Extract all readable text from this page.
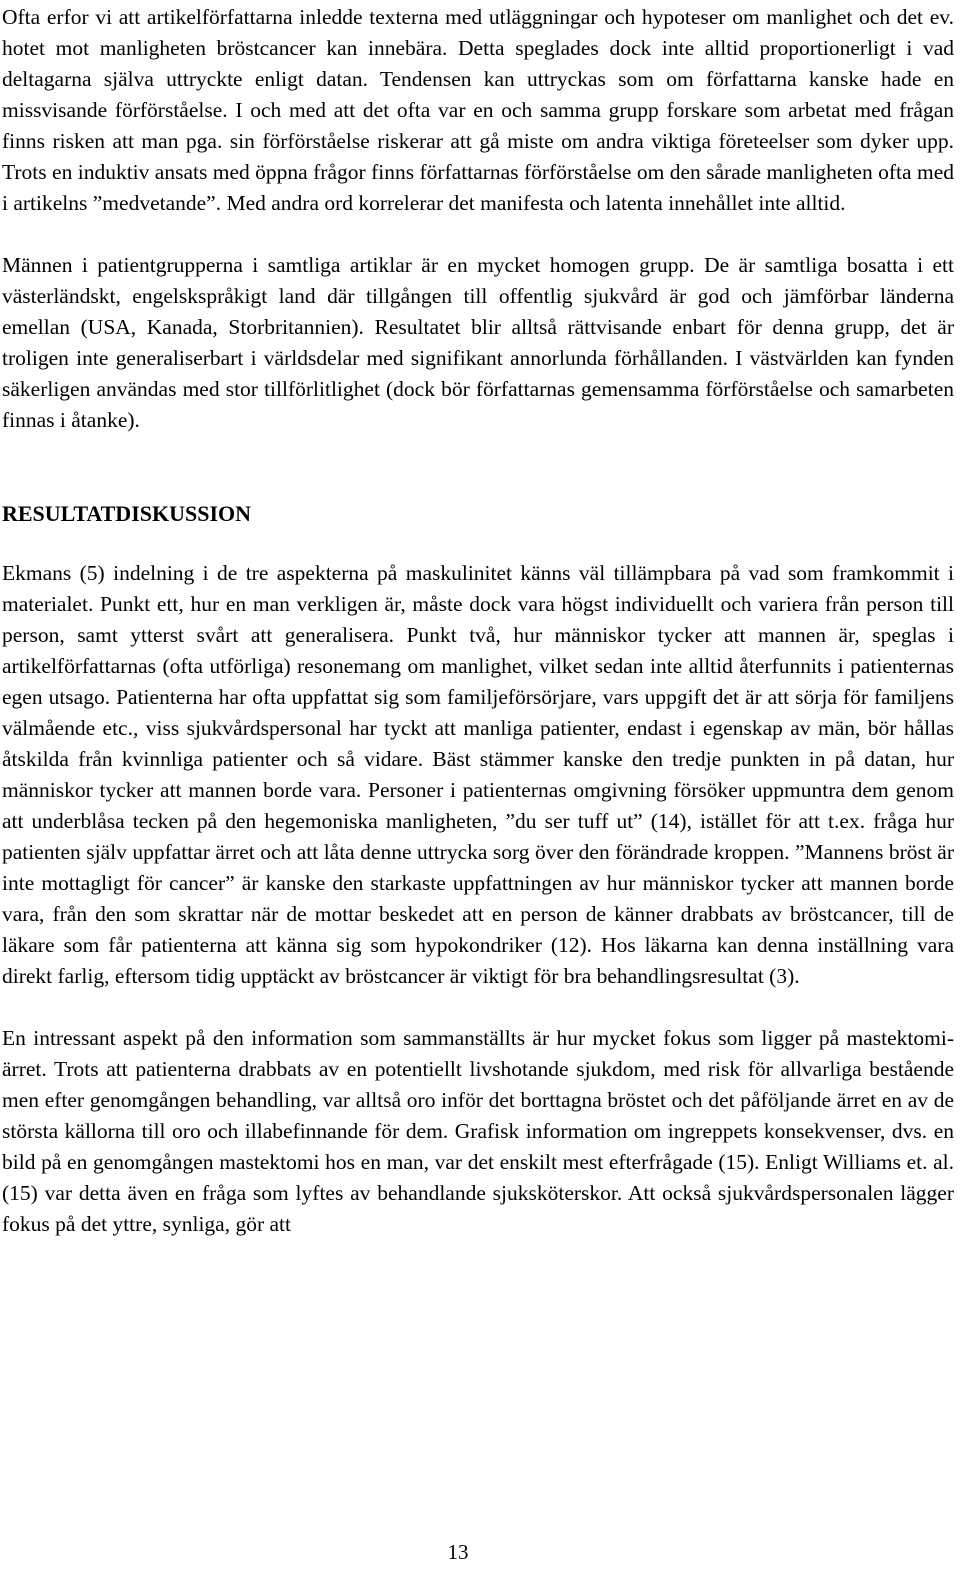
Ofta erfor vi att artikelförfattarna inledde texterna med utläggningar och hypoteser om manlighet och det ev. hotet mot manligheten bröstcancer kan innebära. Detta speglades dock inte alltid proportionerligt i vad deltagarna själva uttryckte enligt datan. Tendensen kan uttryckas som om författarna kanske hade en missvisande förförståelse. I och med att det ofta var en och samma grupp forskare som arbetat med frågan finns risken att man pga. sin förförståelse riskerar att gå miste om andra viktiga företeelser som dyker upp. Trots en induktiv ansats med öppna frågor finns författarnas förförståelse om den sårade manligheten ofta med i artikelns ”medvetande”. Med andra ord korrelerar det manifesta och latenta innehållet inte alltid.

Männen i patientgrupperna i samtliga artiklar är en mycket homogen grupp. De är samtliga bosatta i ett västerländskt, engelskspråkigt land där tillgången till offentlig sjukvård är god och jämförbar länderna emellan (USA, Kanada, Storbritannien). Resultatet blir alltså rättvisande enbart för denna grupp, det är troligen inte generaliserbart i världsdelar med signifikant annorlunda förhållanden. I västvärlden kan fynden säkerligen användas med stor tillförlitlighet (dock bör författarnas gemensamma förförståelse och samarbeten finnas i åtanke).

RESULTATDISKUSSION

Ekmans (5) indelning i de tre aspekterna på maskulinitet känns väl tillämpbara på vad som framkommit i materialet. Punkt ett, hur en man verkligen är, måste dock vara högst individuellt och variera från person till person, samt ytterst svårt att generalisera. Punkt två, hur människor tycker att mannen är, speglas i artikelförfattarnas (ofta utförliga) resonemang om manlighet, vilket sedan inte alltid återfunnits i patienternas egen utsago. Patienterna har ofta uppfattat sig som familjeförsörjare, vars uppgift det är att sörja för familjens välmående etc., viss sjukvårdspersonal har tyckt att manliga patienter, endast i egenskap av män, bör hållas åtskilda från kvinnliga patienter och så vidare. Bäst stämmer kanske den tredje punkten in på datan, hur människor tycker att mannen borde vara. Personer i patienternas omgivning försöker uppmuntra dem genom att underblåsa tecken på den hegemoniska manligheten, ”du ser tuff ut” (14), istället för att t.ex. fråga hur patienten själv uppfattar ärret och att låta denne uttrycka sorg över den förändrade kroppen. ”Mannens bröst är inte mottagligt för cancer” är kanske den starkaste uppfattningen av hur människor tycker att mannen borde vara, från den som skrattar när de mottar beskedet att en person de känner drabbats av bröstcancer, till de läkare som får patienterna att känna sig som hypokondriker (12). Hos läkarna kan denna inställning vara direkt farlig, eftersom tidig upptäckt av bröstcancer är viktigt för bra behandlingsresultat (3).

En intressant aspekt på den information som sammanställts är hur mycket fokus som ligger på mastektomi-ärret. Trots att patienterna drabbats av en potentiellt livshotande sjukdom, med risk för allvarliga bestående men efter genomgången behandling, var alltså oro inför det borttagna bröstet och det påföljande ärret en av de största källorna till oro och illabefinnande för dem. Grafisk information om ingreppets konsekvenser, dvs. en bild på en genomgången mastektomi hos en man, var det enskilt mest efterfrågade (15). Enligt Williams et. al. (15) var detta även en fråga som lyftes av behandlande sjuksköterskor. Att också sjukvårdspersonalen lägger fokus på det yttre, synliga, gör att

13
